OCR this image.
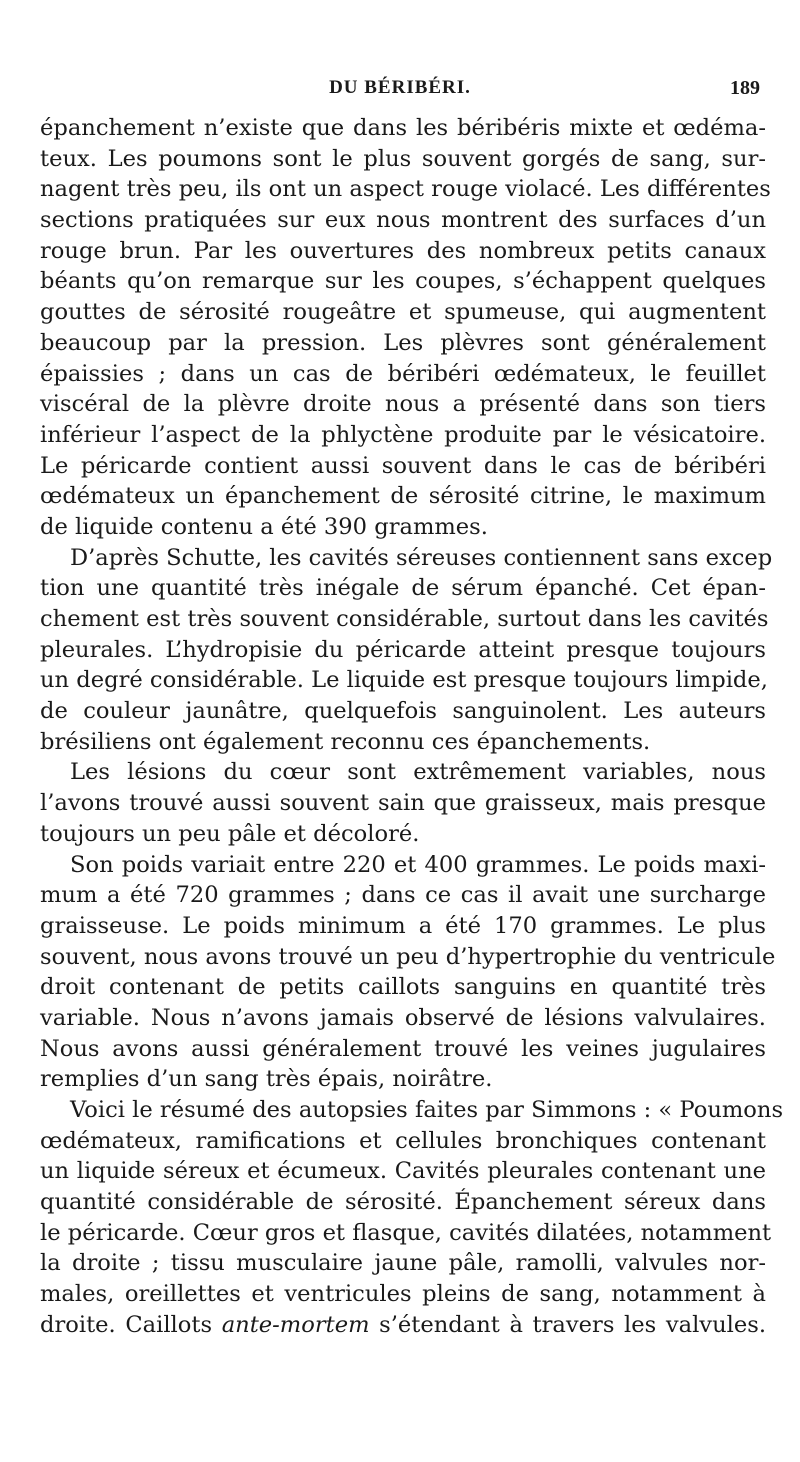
DU BÉRIBÉRI.	189
épanchement n’existe que dans les béribéris mixte et œdéma-
teux. Les poumons sont le plus souvent gorgés de sang, sur-
nagent très peu, ils ont un aspect rouge violacé. Les différentes
sections pratiquées sur eux nous montrent des surfaces d’un
rouge brun. Par les ouvertures des nombreux petits canaux
béants qu’on remarque sur les coupes, s’échappent quelques
gouttes de sérosité rougeâtre et spumeuse, qui augmentent
beaucoup par la pression. Les plèvres sont généralement
épaissies ; dans un cas de béribéri œdémateux, le feuillet
viscéral de la plèvre droite nous a présenté dans son tiers
inférieur l’aspect de la phlyctène produite par le vésicatoire.
Le péricarde contient aussi souvent dans le cas de béribéri
œdémateux un épanchement de sérosité citrine, le maximum
de liquide contenu a été 390 grammes.
D’après Schutte, les cavités séreuses contiennent sans excep
tion une quantité très inégale de sérum épanché. Cet épan-
chement est très souvent considérable, surtout dans les cavités
pleurales. L’hydropisie du péricarde atteint presque toujours
un degré considérable. Le liquide est presque toujours limpide,
de couleur jaunâtre, quelquefois sanguinolent. Les auteurs
brésiliens ont également reconnu ces épanchements.
Les lésions du cœur sont extrêmement variables, nous
l’avons trouvé aussi souvent sain que graisseux, mais presque
toujours un peu pâle et décoloré.
Son poids variait entre 220 et 400 grammes. Le poids maxi-
mum a été 720 grammes ; dans ce cas il avait une surcharge
graisseuse. Le poids minimum a été 170 grammes. Le plus
souvent, nous avons trouvé un peu d’hypertrophie du ventricule
droit contenant de petits caillots sanguins en quantité très
variable. Nous n’avons jamais observé de lésions valvulaires.
Nous avons aussi généralement trouvé les veines jugulaires
remplies d’un sang très épais, noirâtre.
Voici le résumé des autopsies faites par Simmons : « Poumons
œdémateux, ramifications et cellules bronchiques contenant
un liquide séreux et écumeux. Cavités pleurales contenant une
quantité considérable de sérosité. Épanchement séreux dans
le péricarde. Cœur gros et flasque, cavités dilatées, notamment
la droite ; tissu musculaire jaune pâle, ramolli, valvules nor-
males, oreillettes et ventricules pleins de sang, notamment à
droite. Caillots ante-mortem s’étendant à travers les valvules.
